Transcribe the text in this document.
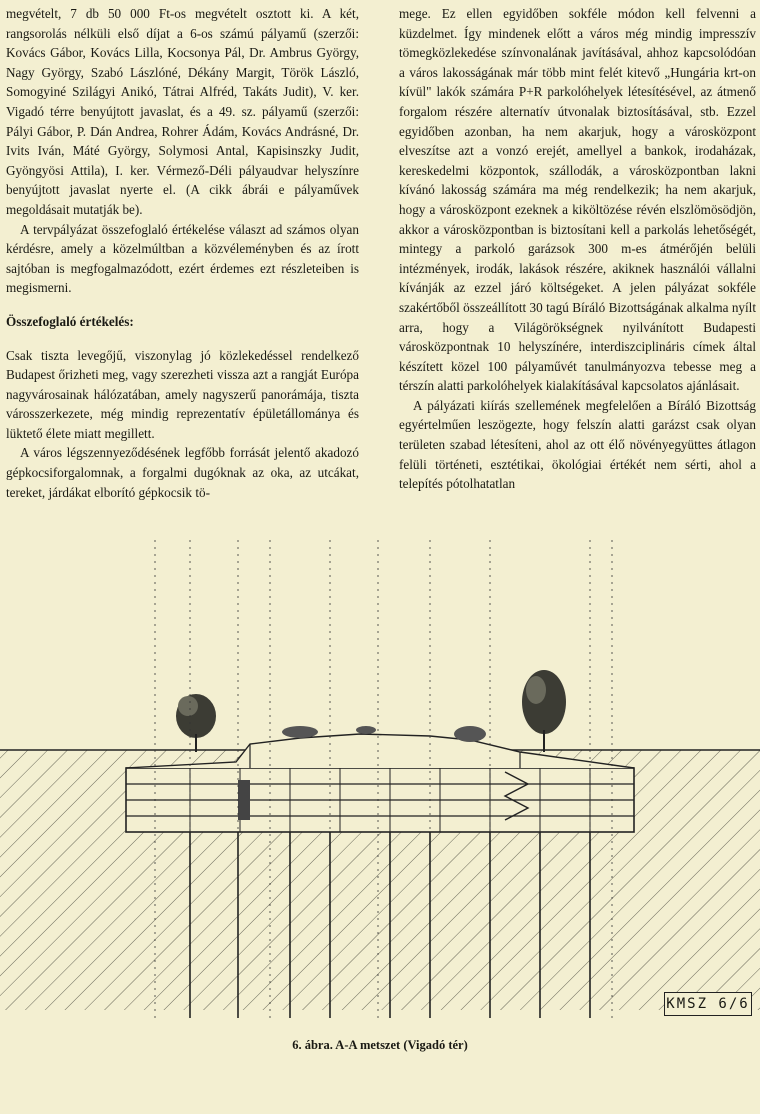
megvételt, 7 db 50 000 Ft-os megvételt osztott ki. A két, rangsorolás nélküli első díjat a 6-os számú pályamű (szerzői: Kovács Gábor, Kovács Lilla, Kocsonya Pál, Dr. Ambrus György, Nagy György, Szabó Lászlóné, Dékány Margit, Török László, Somogyiné Szilágyi Anikó, Tátrai Alfréd, Takáts Judit), V. ker. Vigadó térre benyújtott javaslat, és a 49. sz. pályamű (szerzői: Pályi Gábor, P. Dán Andrea, Rohrer Ádám, Kovács Andrásné, Dr. Ivits Iván, Máté György, Solymosi Antal, Kapisinszky Judit, Gyöngyösi Attila), I. ker. Vérmező-Déli pályaudvar helyszínre benyújtott javaslat nyerte el. (A cikk ábrái e pályaművek megoldásait mutatják be).

A tervpályázat összefoglaló értékelése választ ad számos olyan kérdésre, amely a közelmúltban a közvéleményben és az írott sajtóban is megfogalmazódott, ezért érdemes ezt részleteiben is megismerni.

Összefoglaló értékelés:

Csak tiszta levegőjű, viszonylag jó közlekedéssel rendelkező Budapest őrizheti meg, vagy szerezheti vissza azt a rangját Európa nagyvárosainak hálózatában, amely nagyszerű panorámája, tiszta városszerkezete, még mindig reprezentatív épületállománya és lüktető élete miatt megillett.

A város légszennyeződésének legfőbb forrását jelentő akadozó gépkocsiforgalomnak, a forgalmi dugóknak az oka, az utcákat, tereket, járdákat elborító gépkocsik tö-

mege. Ez ellen egyidőben sokféle módon kell felvenni a küzdelmet. Így mindenek előtt a város még mindig impresszív tömegközlekedése színvonalának javításával, ahhoz kapcsolódóan a város lakosságának már több mint felét kitevő „Hungária krt-on kívül" lakók számára P+R parkolóhelyek létesítésével, az átmenő forgalom részére alternatív útvonalak biztosításával, stb. Ezzel egyidőben azonban, ha nem akarjuk, hogy a városközpont elveszítse azt a vonzó erejét, amellyel a bankok, irodaházak, kereskedelmi központok, szállodák, a városközpontban lakni kívánó lakosság számára ma még rendelkezik; ha nem akarjuk, hogy a városközpont ezeknek a kiköltözése révén elszlömösödjön, akkor a városközpontban is biztosítani kell a parkolás lehetőségét, mintegy a parkoló garázsok 300 m-es átmérőjén belüli intézmények, irodák, lakások részére, akiknek használói vállalni kívánják az ezzel járó költségeket. A jelen pályázat sokféle szakértőből összeállított 30 tagú Bíráló Bizottságának alkalma nyílt arra, hogy a Világörökségnek nyilvánított Budapesti városközpontnak 10 helyszínére, interdiszciplináris címek által készített közel 100 pályaművét tanulmányozva tebesse meg a térszín alatti parkolóhelyek kialakításával kapcsolatos ajánlásait.

A pályázati kiírás szellemének megfelelően a Bíráló Bizottság egyértelműen leszögezte, hogy felszín alatti garázst csak olyan területen szabad létesíteni, ahol az ott élő növényegyüttes átlagon felüli történeti, esztétikai, ökológiai értékét nem sérti, ahol a telepítés pótolhatatlan

KMSZ 6/6
6. ábra. A-A metszet (Vigadó tér)
